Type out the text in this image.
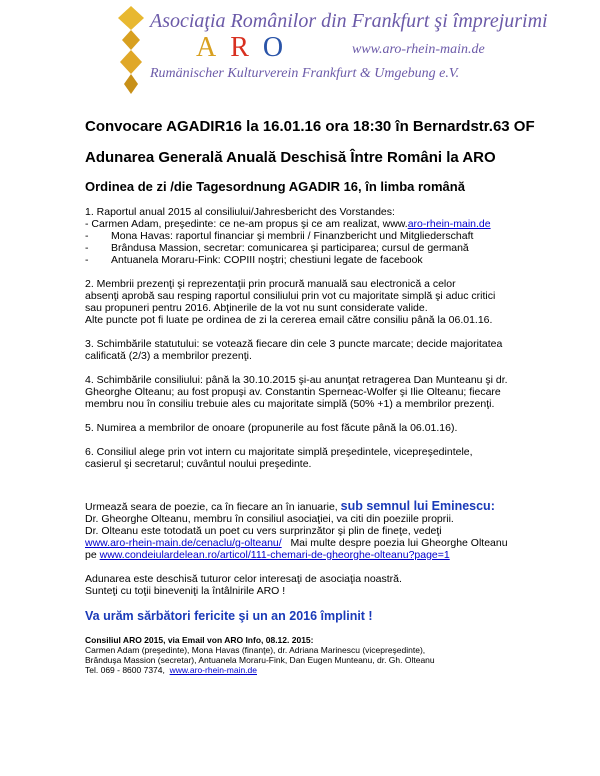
Asociaţia Românilor din Frankfurt şi împrejurimi
ARO	www.aro-rhein-main.de
Rumänischer Kulturverein Frankfurt & Umgebung e.V.
Convocare AGADIR16 la 16.01.16 ora 18:30 în Bernardstr.63 OF
Adunarea Generală Anuală Deschisă Între Români la ARO
Ordinea de zi /die Tagesordnung AGADIR 16, în limba română
1. Raportul anual 2015 al consiliului/Jahresbericht des Vorstandes:
- Carmen Adam, preşedinte: ce ne-am propus şi ce am realizat, www.aro-rhein-main.de
- Mona Havas: raportul financiar şi membrii / Finanzbericht und Mitgliederschaft
- Brândusa Massion, secretar: comunicarea şi participarea; cursul de germană
- Antuanela Moraru-Fink: COPIII noştri; chestiuni legate de facebook
2. Membrii prezenţi şi reprezentaţii prin procură manuală sau electronică a celor
absenţi aprobă sau resping raportul consiliului prin vot cu majoritate simplă şi aduc critici
sau propuneri pentru 2016. Abţinerile de la vot nu sunt considerate valide.
Alte puncte pot fi luate pe ordinea de zi la cererea email către consiliu până la 06.01.16.
3. Schimbările statutului: se votează fiecare din cele 3 puncte marcate; decide majoritatea
calificată (2/3) a membrilor prezenţi.
4. Schimbările consiliului: până la 30.10.2015 şi-au anunţat retragerea Dan Munteanu şi dr.
Gheorghe Olteanu; au fost propuşi av. Constantin Sperneac-Wolfer şi Ilie Olteanu; fiecare
membru nou în consiliu trebuie ales cu majoritate simplă (50% +1) a membrilor prezenţi.
5. Numirea a membrilor de onoare (propunerile au fost făcute până la 06.01.16).
6. Consiliul alege prin vot intern cu majoritate simplă preşedintele, vicepreşedintele,
casierul şi secretarul; cuvântul noului preşedinte.
Urmează seara de poezie, ca în fiecare an în ianuarie, sub semnul lui Eminescu:
Dr. Gheorghe Olteanu, membru în consiliul asociaţiei, va citi din poeziile proprii.
Dr. Olteanu este totodată un poet cu vers surprinzător şi plin de fineţe, vedeţi
www.aro-rhein-main.de/cenaclu/g-olteanu/   Mai multe despre poezia lui Gheorghe Olteanu
pe www.condeiulardelean.ro/articol/111-chemari-de-gheorghe-olteanu?page=1
Adunarea este deschisă tuturor celor interesaţi de asociaţia noastră.
Sunteţi cu toţii bineveniţi la întâlnirile ARO !
Va urăm sărbători fericite şi un an 2016 împlinit !
Consiliul ARO 2015, via Email von ARO Info, 08.12. 2015:
Carmen Adam (preşedinte), Mona Havas (finanţe), dr. Adriana Marinescu (vicepreşedinte),
Brânduşa Massion (secretar), Antuanela Moraru-Fink, Dan Eugen Munteanu, dr. Gh. Olteanu
Tel. 069 - 8600 7374,  www.aro-rhein-main.de
